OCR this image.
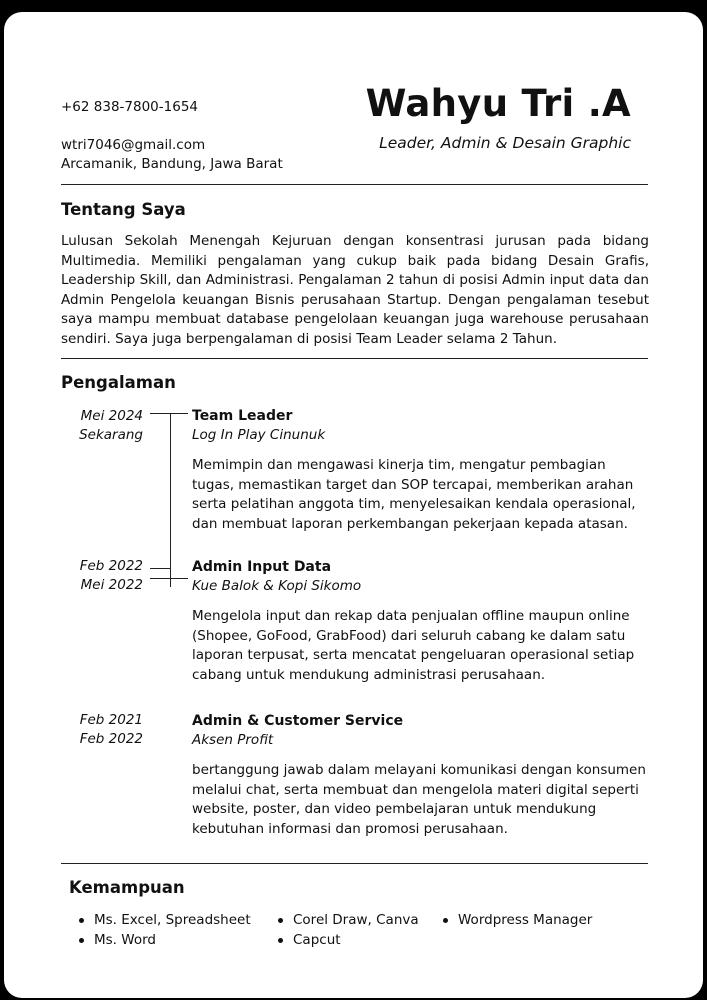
+62 838-7800-1654
wtri7046@gmail.com
Arcamanik, Bandung, Jawa Barat
Wahyu Tri .A
Leader, Admin & Desain Graphic
Tentang Saya

Lulusan Sekolah Menengah Kejuruan dengan konsentrasi jurusan pada bidang Multimedia. Memiliki pengalaman yang cukup baik pada bidang Desain Grafis, Leadership Skill, dan Administrasi. Pengalaman 2 tahun di posisi Admin input data dan Admin Pengelola keuangan Bisnis perusahaan Startup. Dengan pengalaman tesebut saya mampu membuat database pengelolaan keuangan juga warehouse perusahaan sendiri. Saya juga berpengalaman di posisi Team Leader selama 2 Tahun.

Pengalaman
Mei 2024
Sekarang
Team Leader
Log In Play Cinunuk

Memimpin dan mengawasi kinerja tim, mengatur pembagian tugas, memastikan target dan SOP tercapai, memberikan arahan serta pelatihan anggota tim, menyelesaikan kendala operasional, dan membuat laporan perkembangan pekerjaan kepada atasan.

Feb 2022
Mei 2022
Admin Input Data
Kue Balok & Kopi Sikomo

Mengelola input dan rekap data penjualan offline maupun online (Shopee, GoFood, GrabFood) dari seluruh cabang ke dalam satu laporan terpusat, serta mencatat pengeluaran operasional setiap cabang untuk mendukung administrasi perusahaan.

Feb 2021
Feb 2022
Admin & Customer Service
Aksen Profit

bertanggung jawab dalam melayani komunikasi dengan konsumen melalui chat, serta membuat dan mengelola materi digital seperti website, poster, dan video pembelajaran untuk mendukung kebutuhan informasi dan promosi perusahaan.

Kemampuan
Ms. Excel, Spreadsheet
Ms. Word
Corel Draw, Canva
Capcut
Wordpress Manager
